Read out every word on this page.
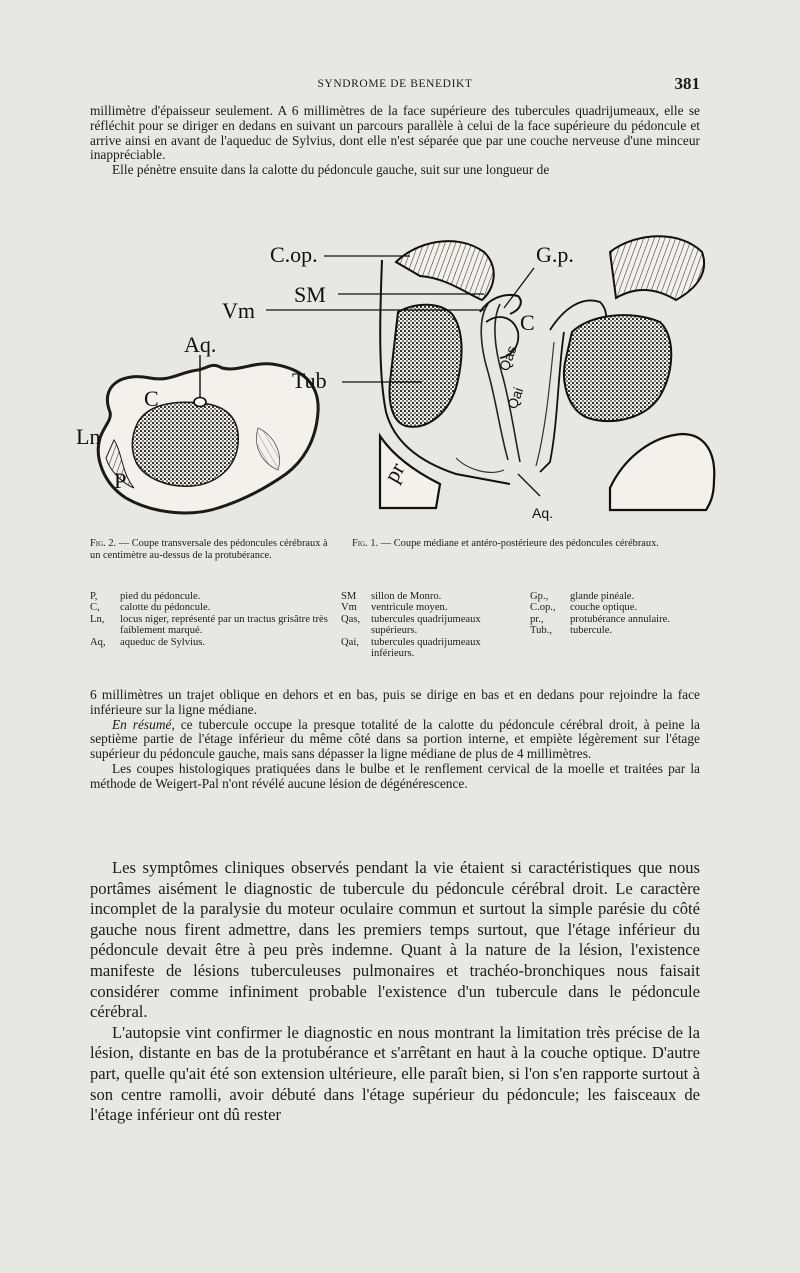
SYNDROME DE BENEDIKT	381

millimètre d'épaisseur seulement. A 6 millimètres de la face supérieure des tubercules quadrijumeaux, elle se réfléchit pour se diriger en dedans en suivant un parcours parallèle à celui de la face supérieure du pédoncule et arrive ainsi en avant de l'aqueduc de Sylvius, dont elle n'est séparée que par une couche nerveuse d'une minceur inappréciable.

Elle pénètre ensuite dans la calotte du pédoncule gauche, suit sur une longueur de

C.op.	G.p.
SM
Vm
Aq.
Tub
C
C
Ln
P
Qas
Qai
pr
Aq.
Fig. 2. — Coupe transversale des pédoncules cérébraux à un centimètre au-dessus de la protubérance.
Fig. 1. — Coupe médiane et antéro-postérieure des pédoncules cérébraux.
P,	pied du pédoncule.
C,	calotte du pédoncule.
Ln,	locus niger, représenté par un tractus grisâtre très faiblement marqué.
Aq,	aqueduc de Sylvius.
SM	sillon de Monro.
Vm	ventricule moyen.
Qas,	tubercules quadrijumeaux supérieurs.
Qai,	tubercules quadrijumeaux inférieurs.
Gp.,	glande pinéale.
C.op.,	couche optique.
pr.,	protubérance annulaire.
Tub.,	tubercule.

6 millimètres un trajet oblique en dehors et en bas, puis se dirige en bas et en dedans pour rejoindre la face inférieure sur la ligne médiane.

En résumé, ce tubercule occupe la presque totalité de la calotte du pédoncule cérébral droit, à peine la septième partie de l'étage inférieur du même côté dans sa portion interne, et empiète légèrement sur l'étage supérieur du pédoncule gauche, mais sans dépasser la ligne médiane de plus de 4 millimètres.

Les coupes histologiques pratiquées dans le bulbe et le renflement cervical de la moelle et traitées par la méthode de Weigert-Pal n'ont révélé aucune lésion de dégénérescence.

Les symptômes cliniques observés pendant la vie étaient si caractéristiques que nous portâmes aisément le diagnostic de tubercule du pédoncule cérébral droit. Le caractère incomplet de la paralysie du moteur oculaire commun et surtout la simple parésie du côté gauche nous firent admettre, dans les premiers temps surtout, que l'étage inférieur du pédoncule devait être à peu près indemne. Quant à la nature de la lésion, l'existence manifeste de lésions tuberculeuses pulmonaires et trachéo-bronchiques nous faisait considérer comme infiniment probable l'existence d'un tubercule dans le pédoncule cérébral.

L'autopsie vint confirmer le diagnostic en nous montrant la limitation très précise de la lésion, distante en bas de la protubérance et s'arrêtant en haut à la couche optique. D'autre part, quelle qu'ait été son extension ultérieure, elle paraît bien, si l'on s'en rapporte surtout à son centre ramolli, avoir débuté dans l'étage supérieur du pédoncule; les faisceaux de l'étage inférieur ont dû rester
